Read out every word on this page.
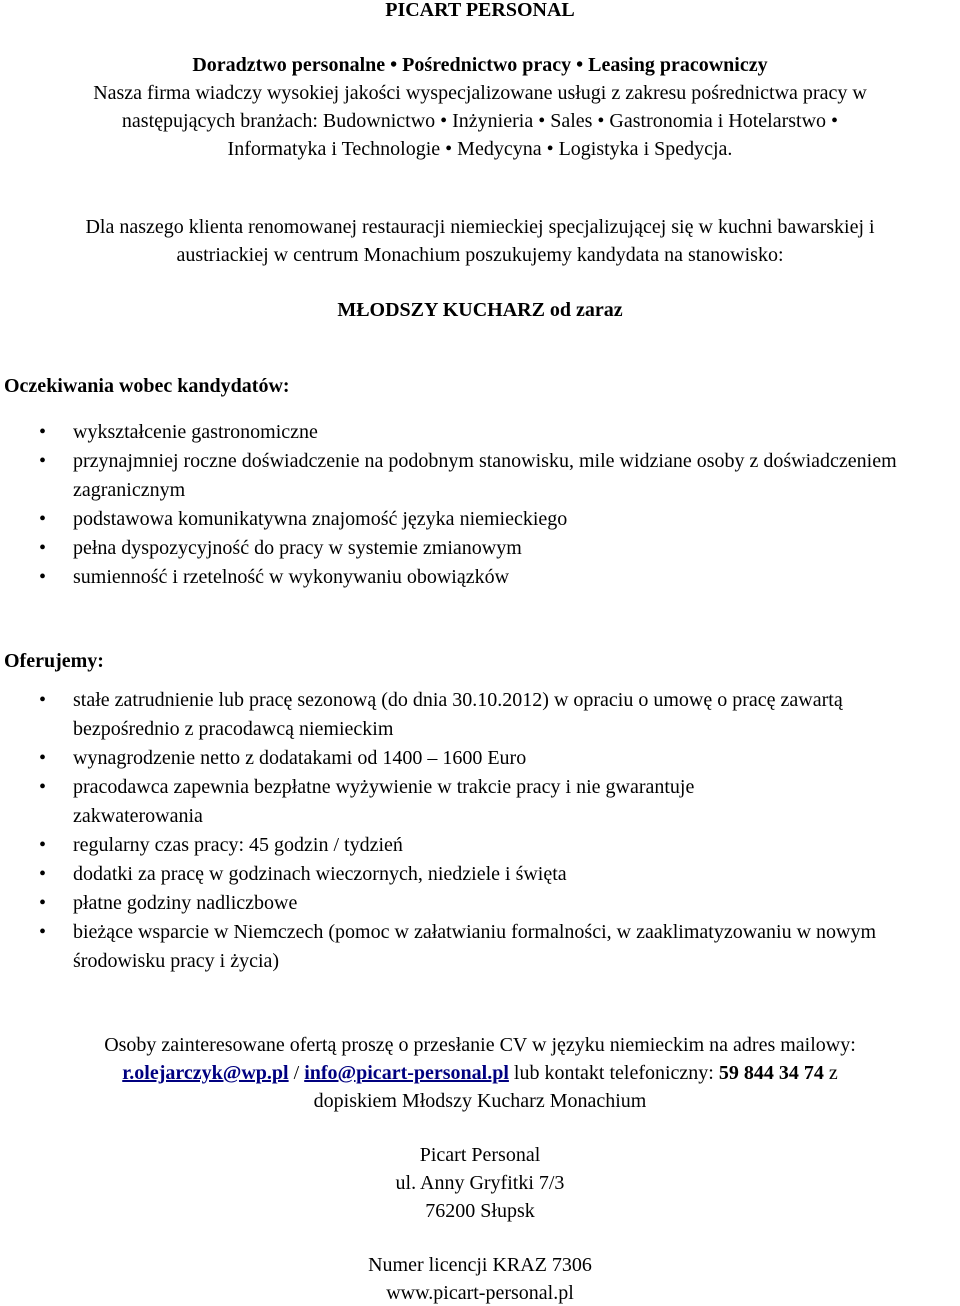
PICART PERSONAL
Doradztwo personalne • Pośrednictwo pracy • Leasing pracowniczy
Nasza firma wiadczy wysokiej jakości wyspecjalizowane usługi z zakresu pośrednictwa pracy w
następujących branżach: Budownictwo • Inżynieria • Sales • Gastronomia i Hotelarstwo •
Informatyka i Technologie • Medycyna • Logistyka i Spedycja.
Dla naszego klienta renomowanej restauracji niemieckiej specjalizującej się w kuchni bawarskiej i
austriackiej w centrum Monachium poszukujemy kandydata na stanowisko:
MŁODSZY KUCHARZ od zaraz
Oczekiwania wobec kandydatów:
• wykształcenie gastronomiczne
• przynajmniej roczne doświadczenie na podobnym stanowisku, mile widziane osoby z doświadczeniem zagranicznym
• podstawowa komunikatywna znajomość języka niemieckiego
• pełna dyspozycyjność do pracy w systemie zmianowym
• sumienność i rzetelność w wykonywaniu obowiązków
Oferujemy:
• stałe zatrudnienie lub pracę sezonową (do dnia 30.10.2012) w opraciu o umowę o pracę zawartą bezpośrednio z pracodawcą niemieckim
• wynagrodzenie netto z dodatakami od 1400 – 1600 Euro
• pracodawca zapewnia bezpłatne wyżywienie w trakcie pracy i nie gwarantuje zakwaterowania
• regularny czas pracy: 45 godzin / tydzień
• dodatki za pracę w godzinach wieczornych, niedziele i święta
• płatne godziny nadliczbowe
• bieżące wsparcie w Niemczech (pomoc w załatwianiu formalności, w zaaklimatyzowaniu w nowym środowisku pracy i życia)
Osoby zainteresowane ofertą proszę o przesłanie CV w języku niemieckim na adres mailowy:
r.olejarczyk@wp.pl / info@picart-personal.pl lub kontakt telefoniczny: 59 844 34 74 z
dopiskiem Młodszy Kucharz Monachium
Picart Personal
ul. Anny Gryfitki 7/3
76200 Słupsk
Numer licencji KRAZ 7306
www.picart-personal.pl
